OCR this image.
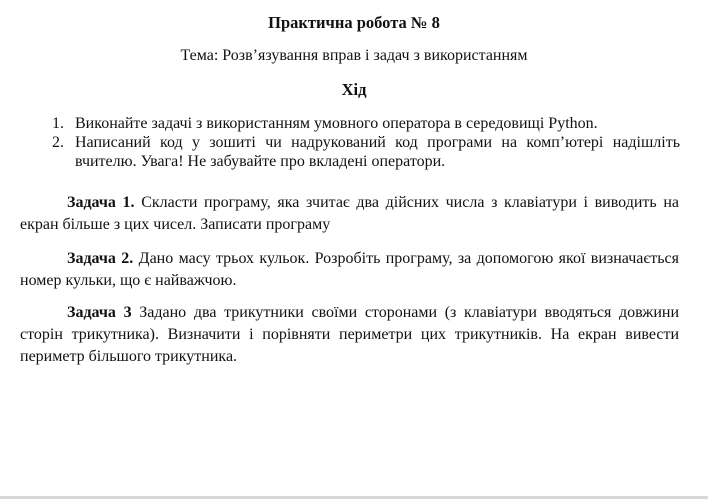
Практична робота № 8
Тема: Розв’язування вправ і задач з використанням
Хід
1. Виконайте задачі з використанням умовного оператора в середовищі Python.
2. Написаний код у зошиті чи надрукований код програми на комп’ютері надішліть вчителю. Увага! Не забувайте про вкладені оператори.

Задача 1. Скласти програму, яка зчитає два дійсних числа з клавіатури і виводить на екран більше з цих чисел. Записати програму

Задача 2. Дано масу трьох кульок. Розробіть програму, за допомогою якої визначається номер кульки, що є найважчою.

Задача 3 Задано два трикутники своїми сторонами (з клавіатури вводяться довжини сторін трикутника). Визначити і порівняти периметри цих трикутників. На екран вивести периметр більшого трикутника.
